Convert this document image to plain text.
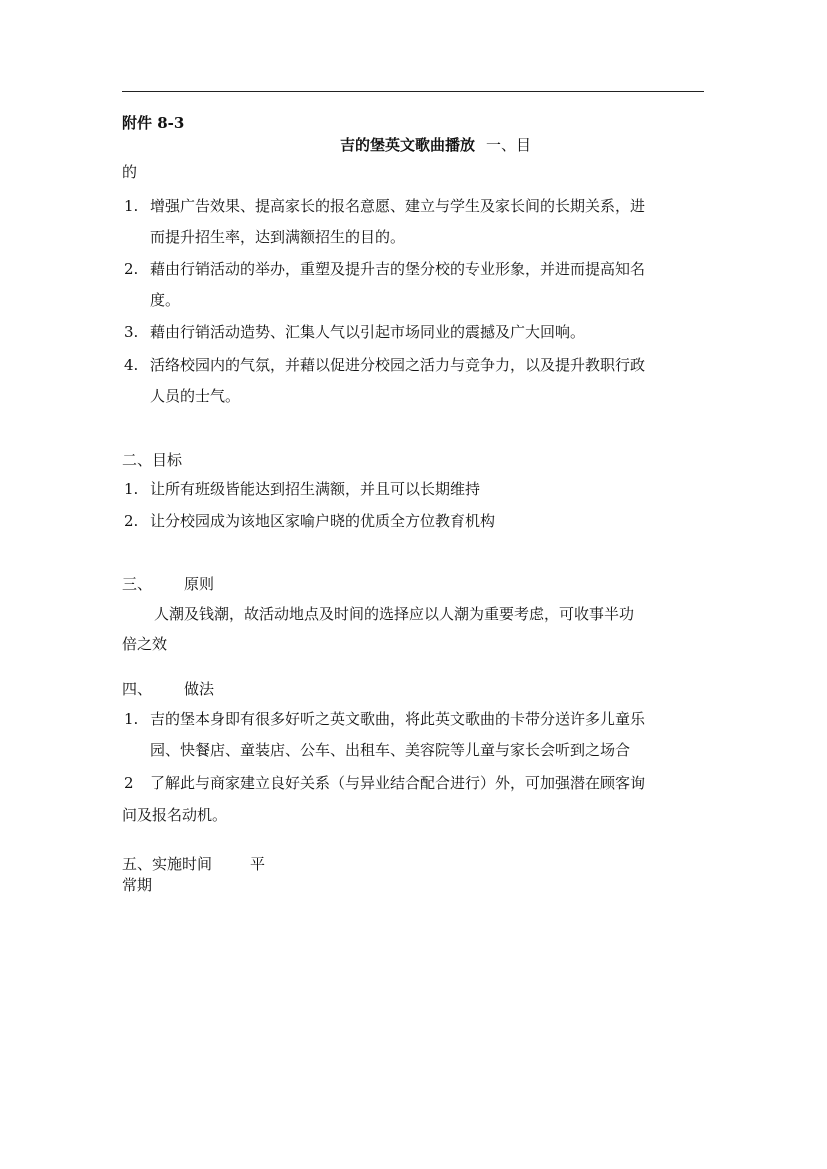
附件 8-3
吉的堡英文歌曲播放 一、目
的
1. 增强广告效果、提高家长的报名意愿、建立与学生及家长间的长期关系，进
而提升招生率，达到满额招生的目的。
2. 藉由行销活动的举办，重塑及提升吉的堡分校的专业形象，并进而提高知名
度。
3. 藉由行销活动造势、汇集人气以引起市场同业的震撼及广大回响。
4. 活络校园内的气氛，并藉以促进分校园之活力与竞争力，以及提升教职行政
人员的士气。
二、目标
1. 让所有班级皆能达到招生满额，并且可以长期维持
2. 让分校园成为该地区家喻户晓的优质全方位教育机构
三、 原则
人潮及钱潮，故活动地点及时间的选择应以人潮为重要考虑，可收事半功
倍之效
四、 做法
1. 吉的堡本身即有很多好听之英文歌曲，将此英文歌曲的卡带分送许多儿童乐
园、快餐店、童装店、公车、出租车、美容院等儿童与家长会听到之场合
2 了解此与商家建立良好关系（与异业结合配合进行）外，可加强潜在顾客询
问及报名动机。
五、实施时间	平
常期
